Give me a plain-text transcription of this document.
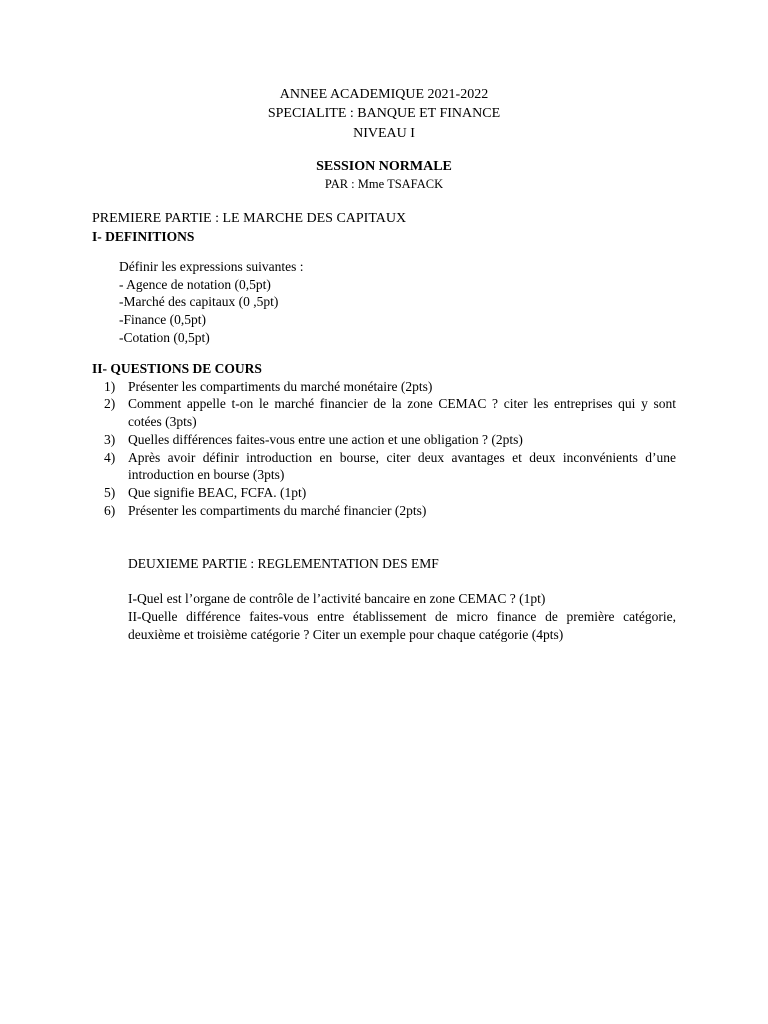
ANNEE ACADEMIQUE 2021-2022
SPECIALITE : BANQUE ET FINANCE
NIVEAU I
SESSION NORMALE
PAR : Mme TSAFACK
PREMIERE PARTIE : LE MARCHE DES CAPITAUX
I- DEFINITIONS
Définir les expressions suivantes :
- Agence de notation (0,5pt)
-Marché des capitaux (0 ,5pt)
-Finance (0,5pt)
-Cotation (0,5pt)
II- QUESTIONS DE COURS
1) Présenter les compartiments du marché monétaire (2pts)
2) Comment appelle t-on le marché financier de la zone CEMAC ? citer les entreprises qui y sont cotées (3pts)
3) Quelles différences faites-vous entre une action et une obligation ? (2pts)
4) Après avoir définir introduction en bourse, citer deux avantages et deux inconvénients d’une introduction en bourse (3pts)
5) Que signifie BEAC, FCFA. (1pt)
6) Présenter les compartiments du marché financier (2pts)
DEUXIEME PARTIE : REGLEMENTATION DES EMF
I-Quel est l’organe de contrôle de l’activité bancaire en zone CEMAC ? (1pt)
II-Quelle différence faites-vous entre établissement de micro finance de première catégorie, deuxième et troisième catégorie ? Citer un exemple pour chaque catégorie (4pts)
